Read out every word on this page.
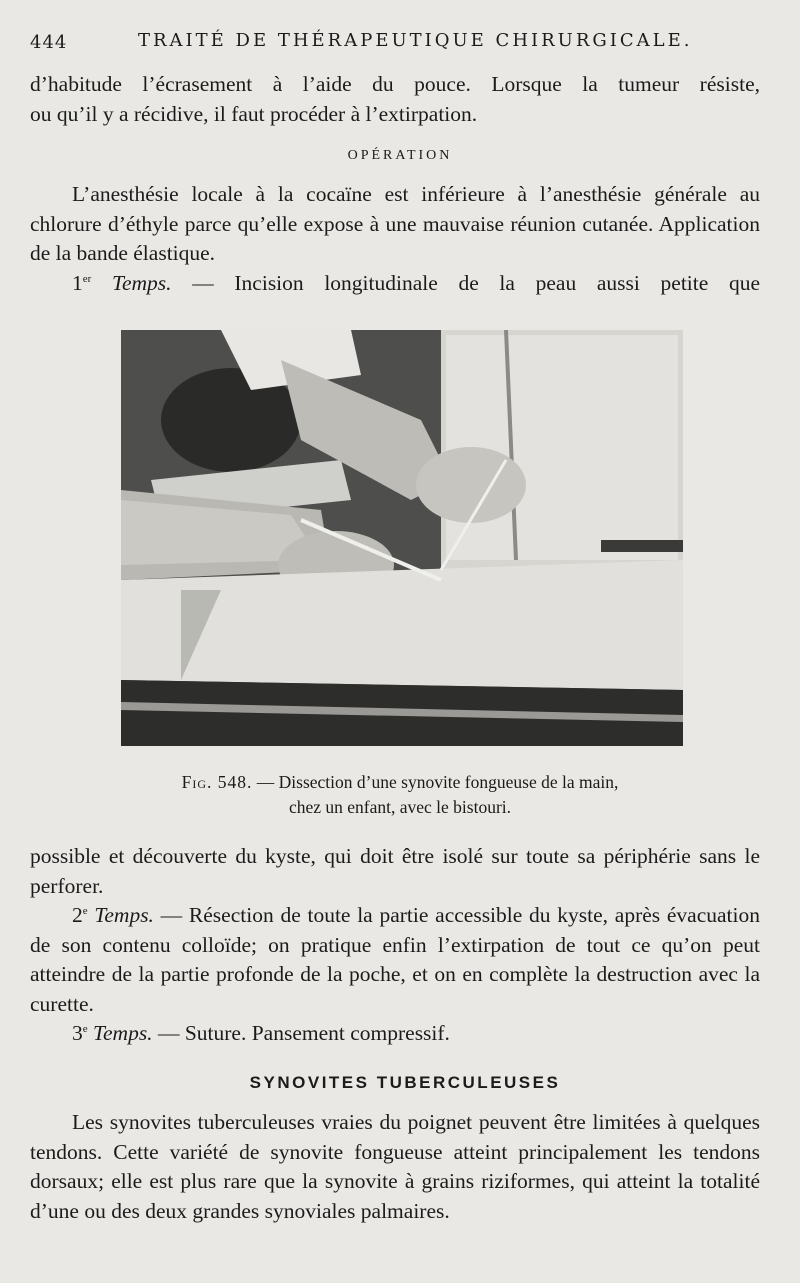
444	TRAITÉ DE THÉRAPEUTIQUE CHIRURGICALE.

d’habitude l’écrasement à l’aide du pouce. Lorsque la tumeur résiste,

ou qu’il y a récidive, il faut procéder à l’extirpation.

OPÉRATION

L’anesthésie locale à la cocaïne est inférieure à l’anesthésie générale au chlorure d’éthyle parce qu’elle expose à une mauvaise réunion cutanée. Application de la bande élastique.

1er Temps. — Incision longitudinale de la peau aussi petite que

Fig. 548. — Dissection d’une synovite fongueuse de la main,
chez un enfant, avec le bistouri.

possible et découverte du kyste, qui doit être isolé sur toute sa périphérie sans le perforer.

2e Temps. — Résection de toute la partie accessible du kyste, après évacuation de son contenu colloïde; on pratique enfin l’extirpation de tout ce qu’on peut atteindre de la partie profonde de la poche, et on en complète la destruction avec la curette.

3e Temps. — Suture. Pansement compressif.

SYNOVITES TUBERCULEUSES

Les synovites tuberculeuses vraies du poignet peuvent être limitées à quelques tendons. Cette variété de synovite fongueuse atteint principalement les tendons dorsaux; elle est plus rare que la synovite à grains riziformes, qui atteint la totalité d’une ou des deux grandes synoviales palmaires.
